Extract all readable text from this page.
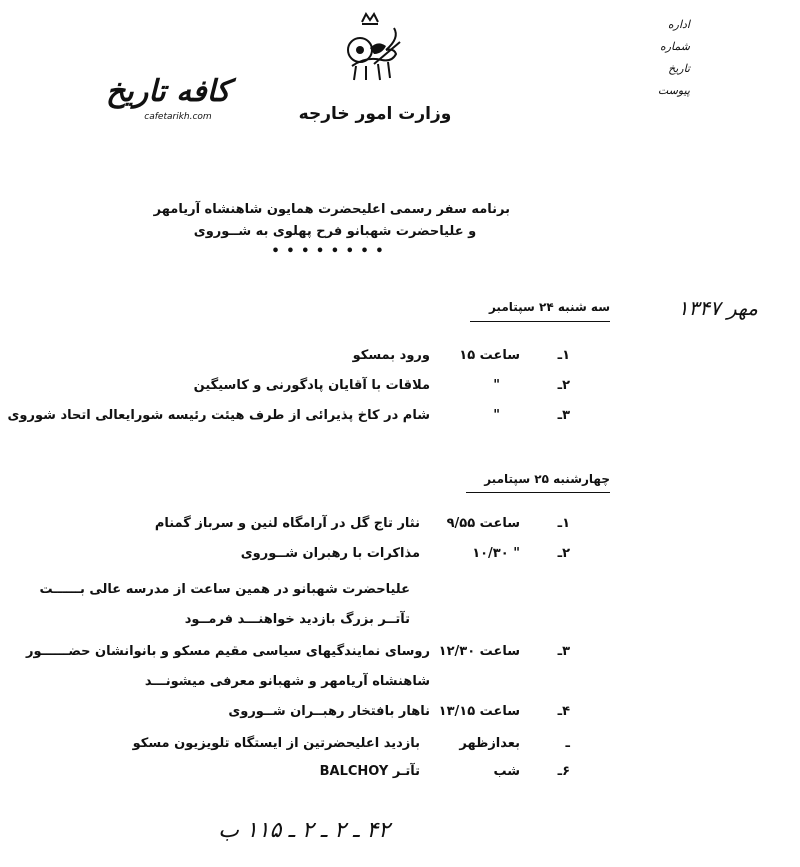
وزارت امور خارجه
کافه تاریخ
cafetarikh.com
اداره
شماره
تاریخ
پیوست
برنامه سفر رسمی اعلیحضرت همایون شاهنشاه آریامهر
و علیاحضرت شهبانو فرح پهلوی به شــوروی
• • • • • • • •
مهر ۱۳۴۷
سه شنبه ۲۴ سپتامبر
۱ـ
ساعت ۱۵
ورود بمسکو
۲ـ
"
ملاقات با آقایان پادگورنی و کاسیگین
۳ـ
"
شام در کاخ پذیرائی از طرف هیئت رئیسه شورایعالی اتحاد شوروی
چهارشنبه ۲۵ سپتامبر
۱ـ
ساعت ۹/۵۵
نثار تاج گل در آرامگاه لنین و سرباز گمنام
۲ـ
" ۱۰/۳۰
مذاکرات با رهبران شــوروی
علیاحضرت شهبانو در همین ساعت از مدرسه عالی بــــــت
تآتــر بزرگ بازدید خواهنـــد فرمــود
۳ـ
ساعت ۱۲/۳۰
روسای نمایندگیهای سیاسی مقیم مسکو و بانوانشان حضــــــور
شاهنشاه آریامهر و شهبانو معرفی میشونـــد
۴ـ
ساعت ۱۳/۱۵
ناهار بافتخار رهبــران شــوروی
ـ
بعدازظهر
بازدید اعلیحضرتین از ایستگاه تلویزیون مسکو
۶ـ
شب
تآتـر BALCHOY
۴۲ ـ ۲ ـ ۲ ـ ۱۱۵ ب
